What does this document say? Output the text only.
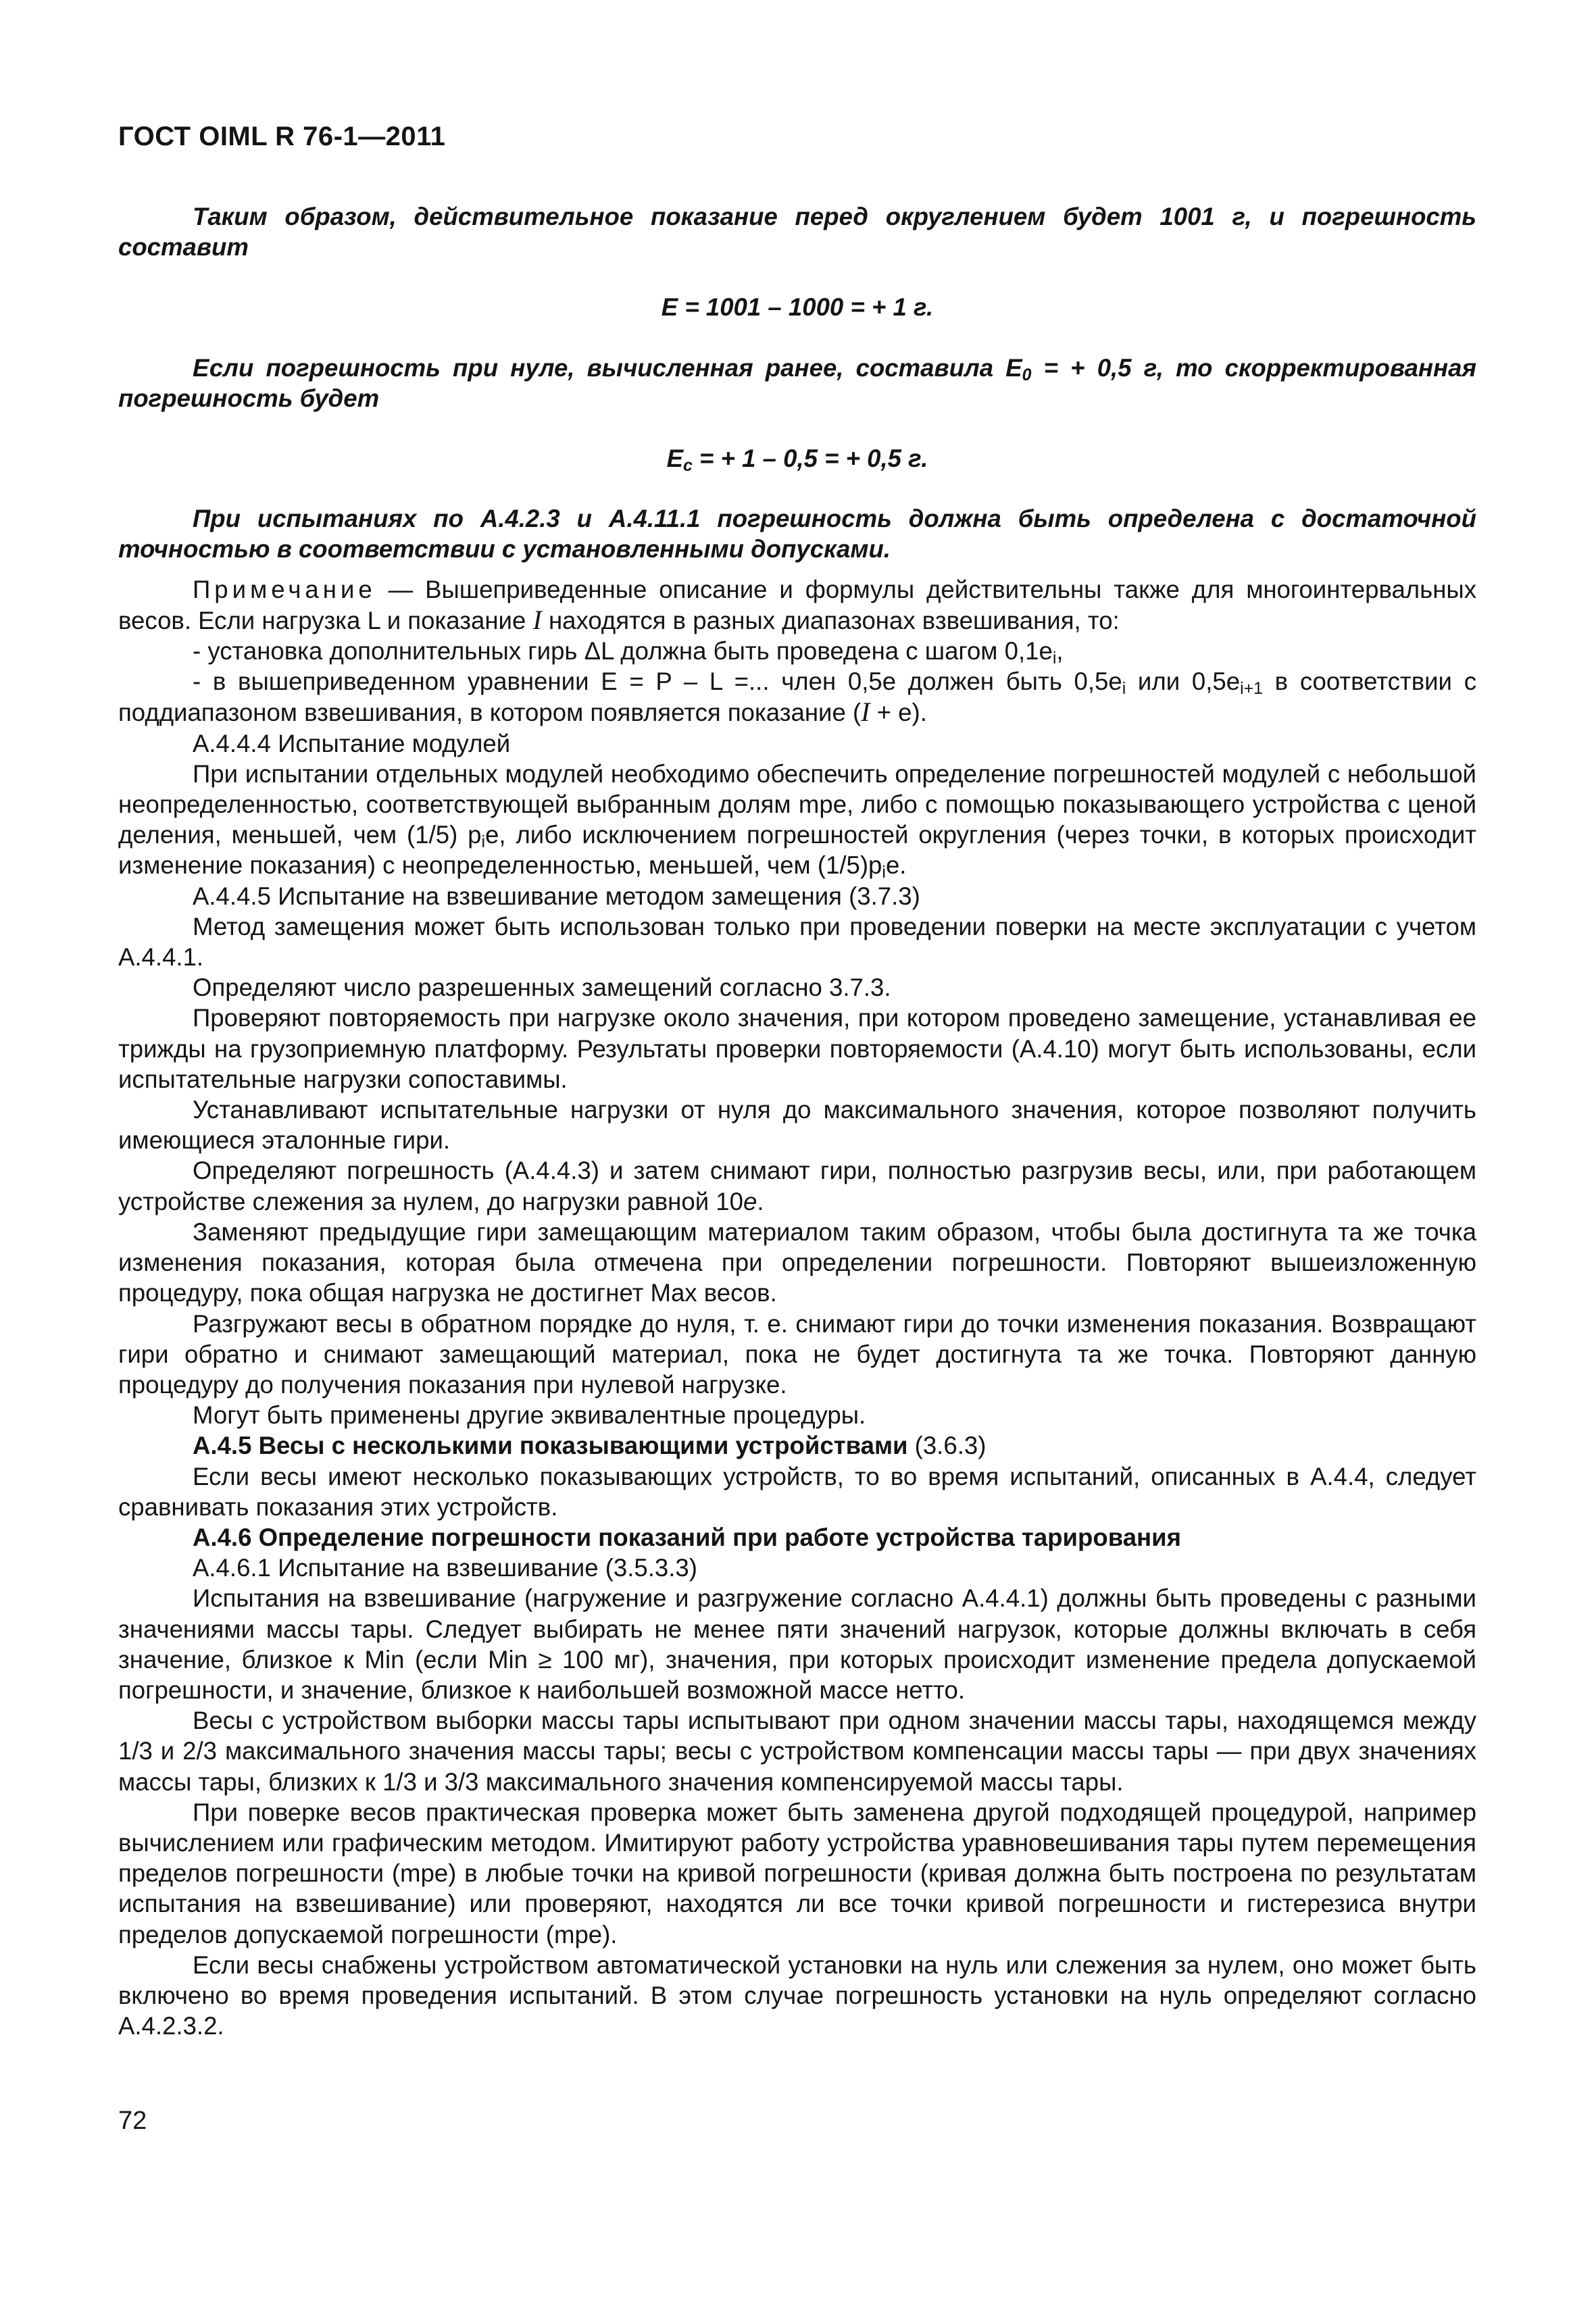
ГОСТ OIML R 76-1—2011

Таким образом, действительное показание перед округлением будет 1001 г, и погрешность составит

E = 1001 – 1000 = + 1 г.

Если погрешность при нуле, вычисленная ранее, составила $E_0$ = + 0,5 г, то скорректированная погрешность будет

$E_c$ = + 1 – 0,5 = + 0,5 г.

При испытаниях по А.4.2.3 и А.4.11.1 погрешность должна быть определена с достаточной точностью в соответствии с установленными допусками.

Примечание — Вышеприведенные описание и формулы действительны также для многоинтервальных весов. Если нагрузка L и показание I находятся в разных диапазонах взвешивания, то:

- установка дополнительных гирь ΔL должна быть проведена с шагом $0,1e_i$,

- в вышеприведенном уравнении E = P – L =... член 0,5e должен быть $0,5e_i$ или $0,5e_{i+1}$ в соответствии с поддиапазоном взвешивания, в котором появляется показание (I + e).

А.4.4.4 Испытание модулей

При испытании отдельных модулей необходимо обеспечить определение погрешностей модулей с небольшой неопределенностью, соответствующей выбранным долям mpe, либо с помощью показывающего устройства с ценой деления, меньшей, чем (1/5) $p_ie$, либо исключением погрешностей округления (через точки, в которых происходит изменение показания) с неопределенностью, меньшей, чем $(1/5)p_ie$.

А.4.4.5 Испытание на взвешивание методом замещения (3.7.3)

Метод замещения может быть использован только при проведении поверки на месте эксплуатации с учетом А.4.4.1.

Определяют число разрешенных замещений согласно 3.7.3.

Проверяют повторяемость при нагрузке около значения, при котором проведено замещение, устанавливая ее трижды на грузоприемную платформу. Результаты проверки повторяемости (А.4.10) могут быть использованы, если испытательные нагрузки сопоставимы.

Устанавливают испытательные нагрузки от нуля до максимального значения, которое позволяют получить имеющиеся эталонные гири.

Определяют погрешность (А.4.4.3) и затем снимают гири, полностью разгрузив весы, или, при работающем устройстве слежения за нулем, до нагрузки равной 10e.

Заменяют предыдущие гири замещающим материалом таким образом, чтобы была достигнута та же точка изменения показания, которая была отмечена при определении погрешности. Повторяют вышеизложенную процедуру, пока общая нагрузка не достигнет Max весов.

Разгружают весы в обратном порядке до нуля, т. е. снимают гири до точки изменения показания. Возвращают гири обратно и снимают замещающий материал, пока не будет достигнута та же точка. Повторяют данную процедуру до получения показания при нулевой нагрузке.

Могут быть применены другие эквивалентные процедуры.

А.4.5 Весы с несколькими показывающими устройствами (3.6.3)

Если весы имеют несколько показывающих устройств, то во время испытаний, описанных в А.4.4, следует сравнивать показания этих устройств.

А.4.6 Определение погрешности показаний при работе устройства тарирования

А.4.6.1 Испытание на взвешивание (3.5.3.3)

Испытания на взвешивание (нагружение и разгружение согласно А.4.4.1) должны быть проведены с разными значениями массы тары. Следует выбирать не менее пяти значений нагрузок, которые должны включать в себя значение, близкое к Min (если Min ≥ 100 мг), значения, при которых происходит изменение предела допускаемой погрешности, и значение, близкое к наибольшей возможной массе нетто.

Весы с устройством выборки массы тары испытывают при одном значении массы тары, находящемся между 1/3 и 2/3 максимального значения массы тары; весы с устройством компенсации массы тары — при двух значениях массы тары, близких к 1/3 и 3/3 максимального значения компенсируемой массы тары.

При поверке весов практическая проверка может быть заменена другой подходящей процедурой, например вычислением или графическим методом. Имитируют работу устройства уравновешивания тары путем перемещения пределов погрешности (mpe) в любые точки на кривой погрешности (кривая должна быть построена по результатам испытания на взвешивание) или проверяют, находятся ли все точки кривой погрешности и гистерезиса внутри пределов допускаемой погрешности (mpe).

Если весы снабжены устройством автоматической установки на нуль или слежения за нулем, оно может быть включено во время проведения испытаний. В этом случае погрешность установки на нуль определяют согласно А.4.2.3.2.

72
